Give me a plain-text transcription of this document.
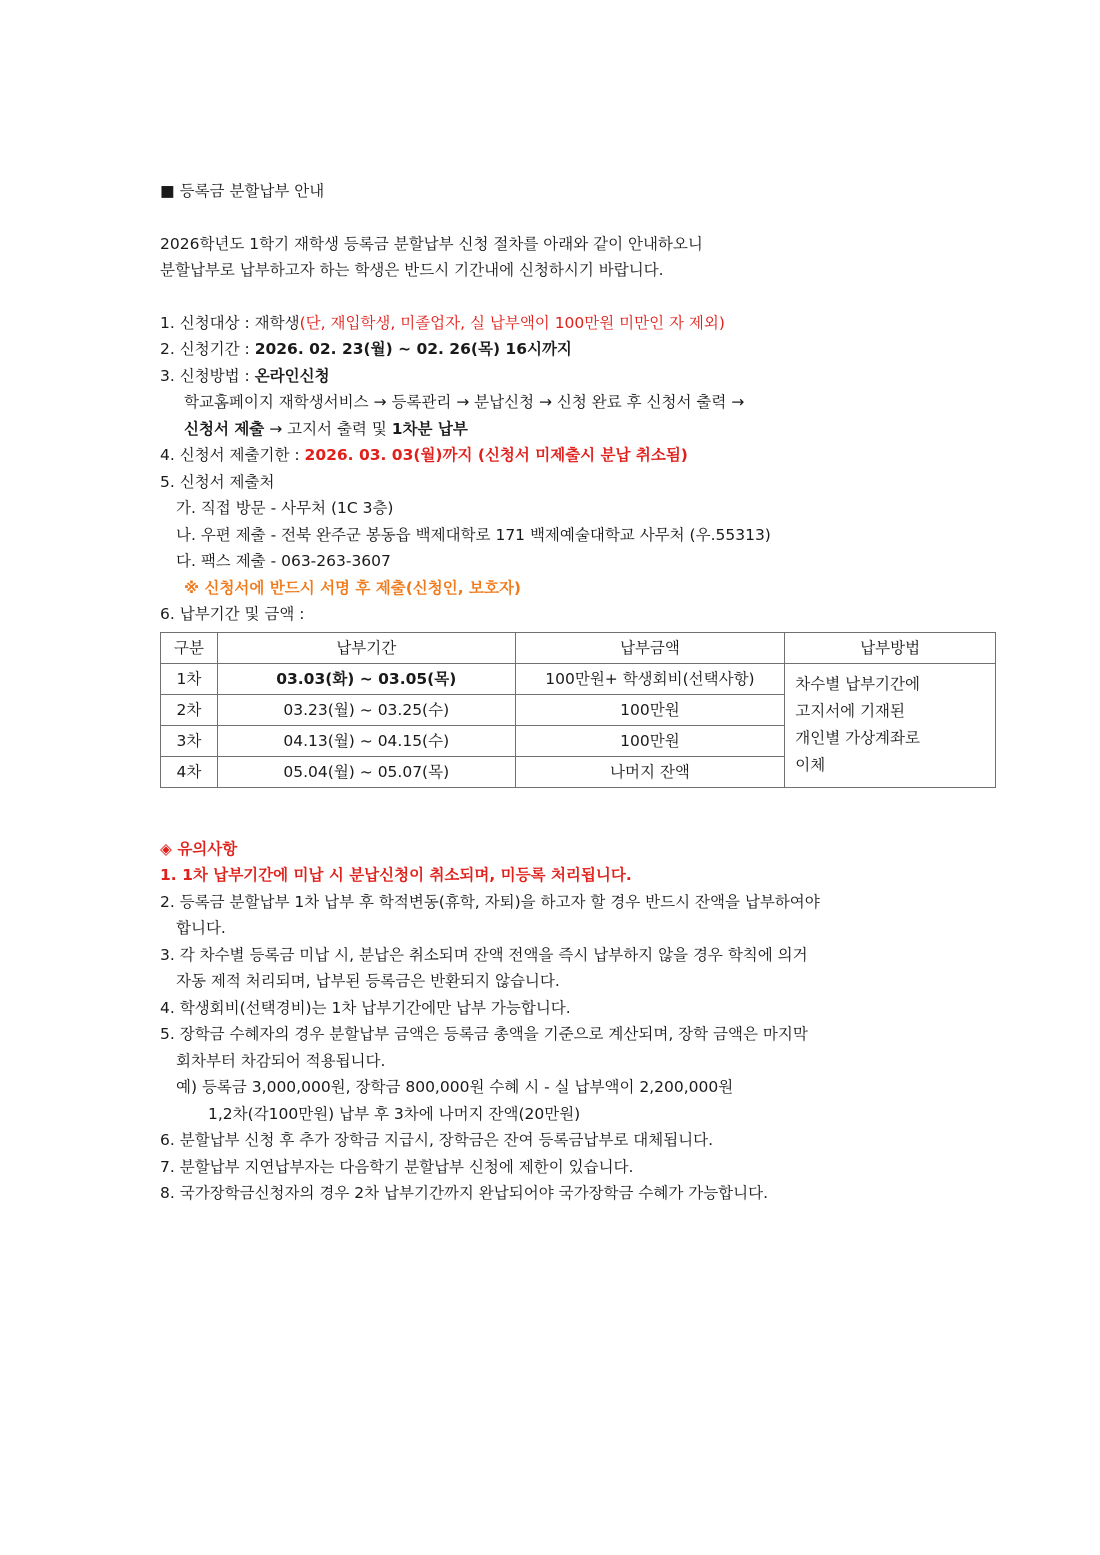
■ 등록금 분할납부 안내
2026학년도 1학기 재학생 등록금 분할납부 신청 절차를 아래와 같이 안내하오니
분할납부로 납부하고자 하는 학생은 반드시 기간내에 신청하시기 바랍니다.
1. 신청대상 : 재학생(단, 재입학생, 미졸업자, 실 납부액이 100만원 미만인 자 제외)
2. 신청기간 : 2026. 02. 23(월) ~ 02. 26(목) 16시까지
3. 신청방법 : 온라인신청
학교홈페이지 재학생서비스 → 등록관리 → 분납신청 → 신청 완료 후 신청서 출력 →
신청서 제출 → 고지서 출력 및 1차분 납부
4. 신청서 제출기한 : 2026. 03. 03(월)까지 (신청서 미제출시 분납 취소됨)
5. 신청서 제출처
가. 직접 방문 - 사무처 (1C 3층)
나. 우편 제출 - 전북 완주군 봉동읍 백제대학로 171 백제예술대학교 사무처 (우.55313)
다. 팩스 제출 - 063-263-3607
※ 신청서에 반드시 서명 후 제출(신청인, 보호자)
6. 납부기간 및 금액 :
구분	납부기간	납부금액	납부방법
1차	03.03(화) ~ 03.05(목)	100만원+ 학생회비(선택사항)	차수별 납부기간에
고지서에 기재된
개인별 가상계좌로
이체

2차	03.23(월) ~ 03.25(수)	100만원	
3차	04.13(월) ~ 04.15(수)	100만원	
4차	05.04(월) ~ 05.07(목)	나머지 잔액	
◈ 유의사항
1. 1차 납부기간에 미납 시 분납신청이 취소되며, 미등록 처리됩니다.
2. 등록금 분할납부 1차 납부 후 학적변동(휴학, 자퇴)을 하고자 할 경우 반드시 잔액을 납부하여야
합니다.
3. 각 차수별 등록금 미납 시, 분납은 취소되며 잔액 전액을 즉시 납부하지 않을 경우 학칙에 의거
자동 제적 처리되며, 납부된 등록금은 반환되지 않습니다.
4. 학생회비(선택경비)는 1차 납부기간에만 납부 가능합니다.
5. 장학금 수혜자의 경우 분할납부 금액은 등록금 총액을 기준으로 계산되며, 장학 금액은 마지막
회차부터 차감되어 적용됩니다.
예) 등록금 3,000,000원, 장학금 800,000원 수혜 시 - 실 납부액이 2,200,000원
1,2차(각100만원) 납부 후 3차에 나머지 잔액(20만원)
6. 분할납부 신청 후 추가 장학금 지급시, 장학금은 잔여 등록금납부로 대체됩니다.
7. 분할납부 지연납부자는 다음학기 분할납부 신청에 제한이 있습니다.
8. 국가장학금신청자의 경우 2차 납부기간까지 완납되어야 국가장학금 수혜가 가능합니다.
